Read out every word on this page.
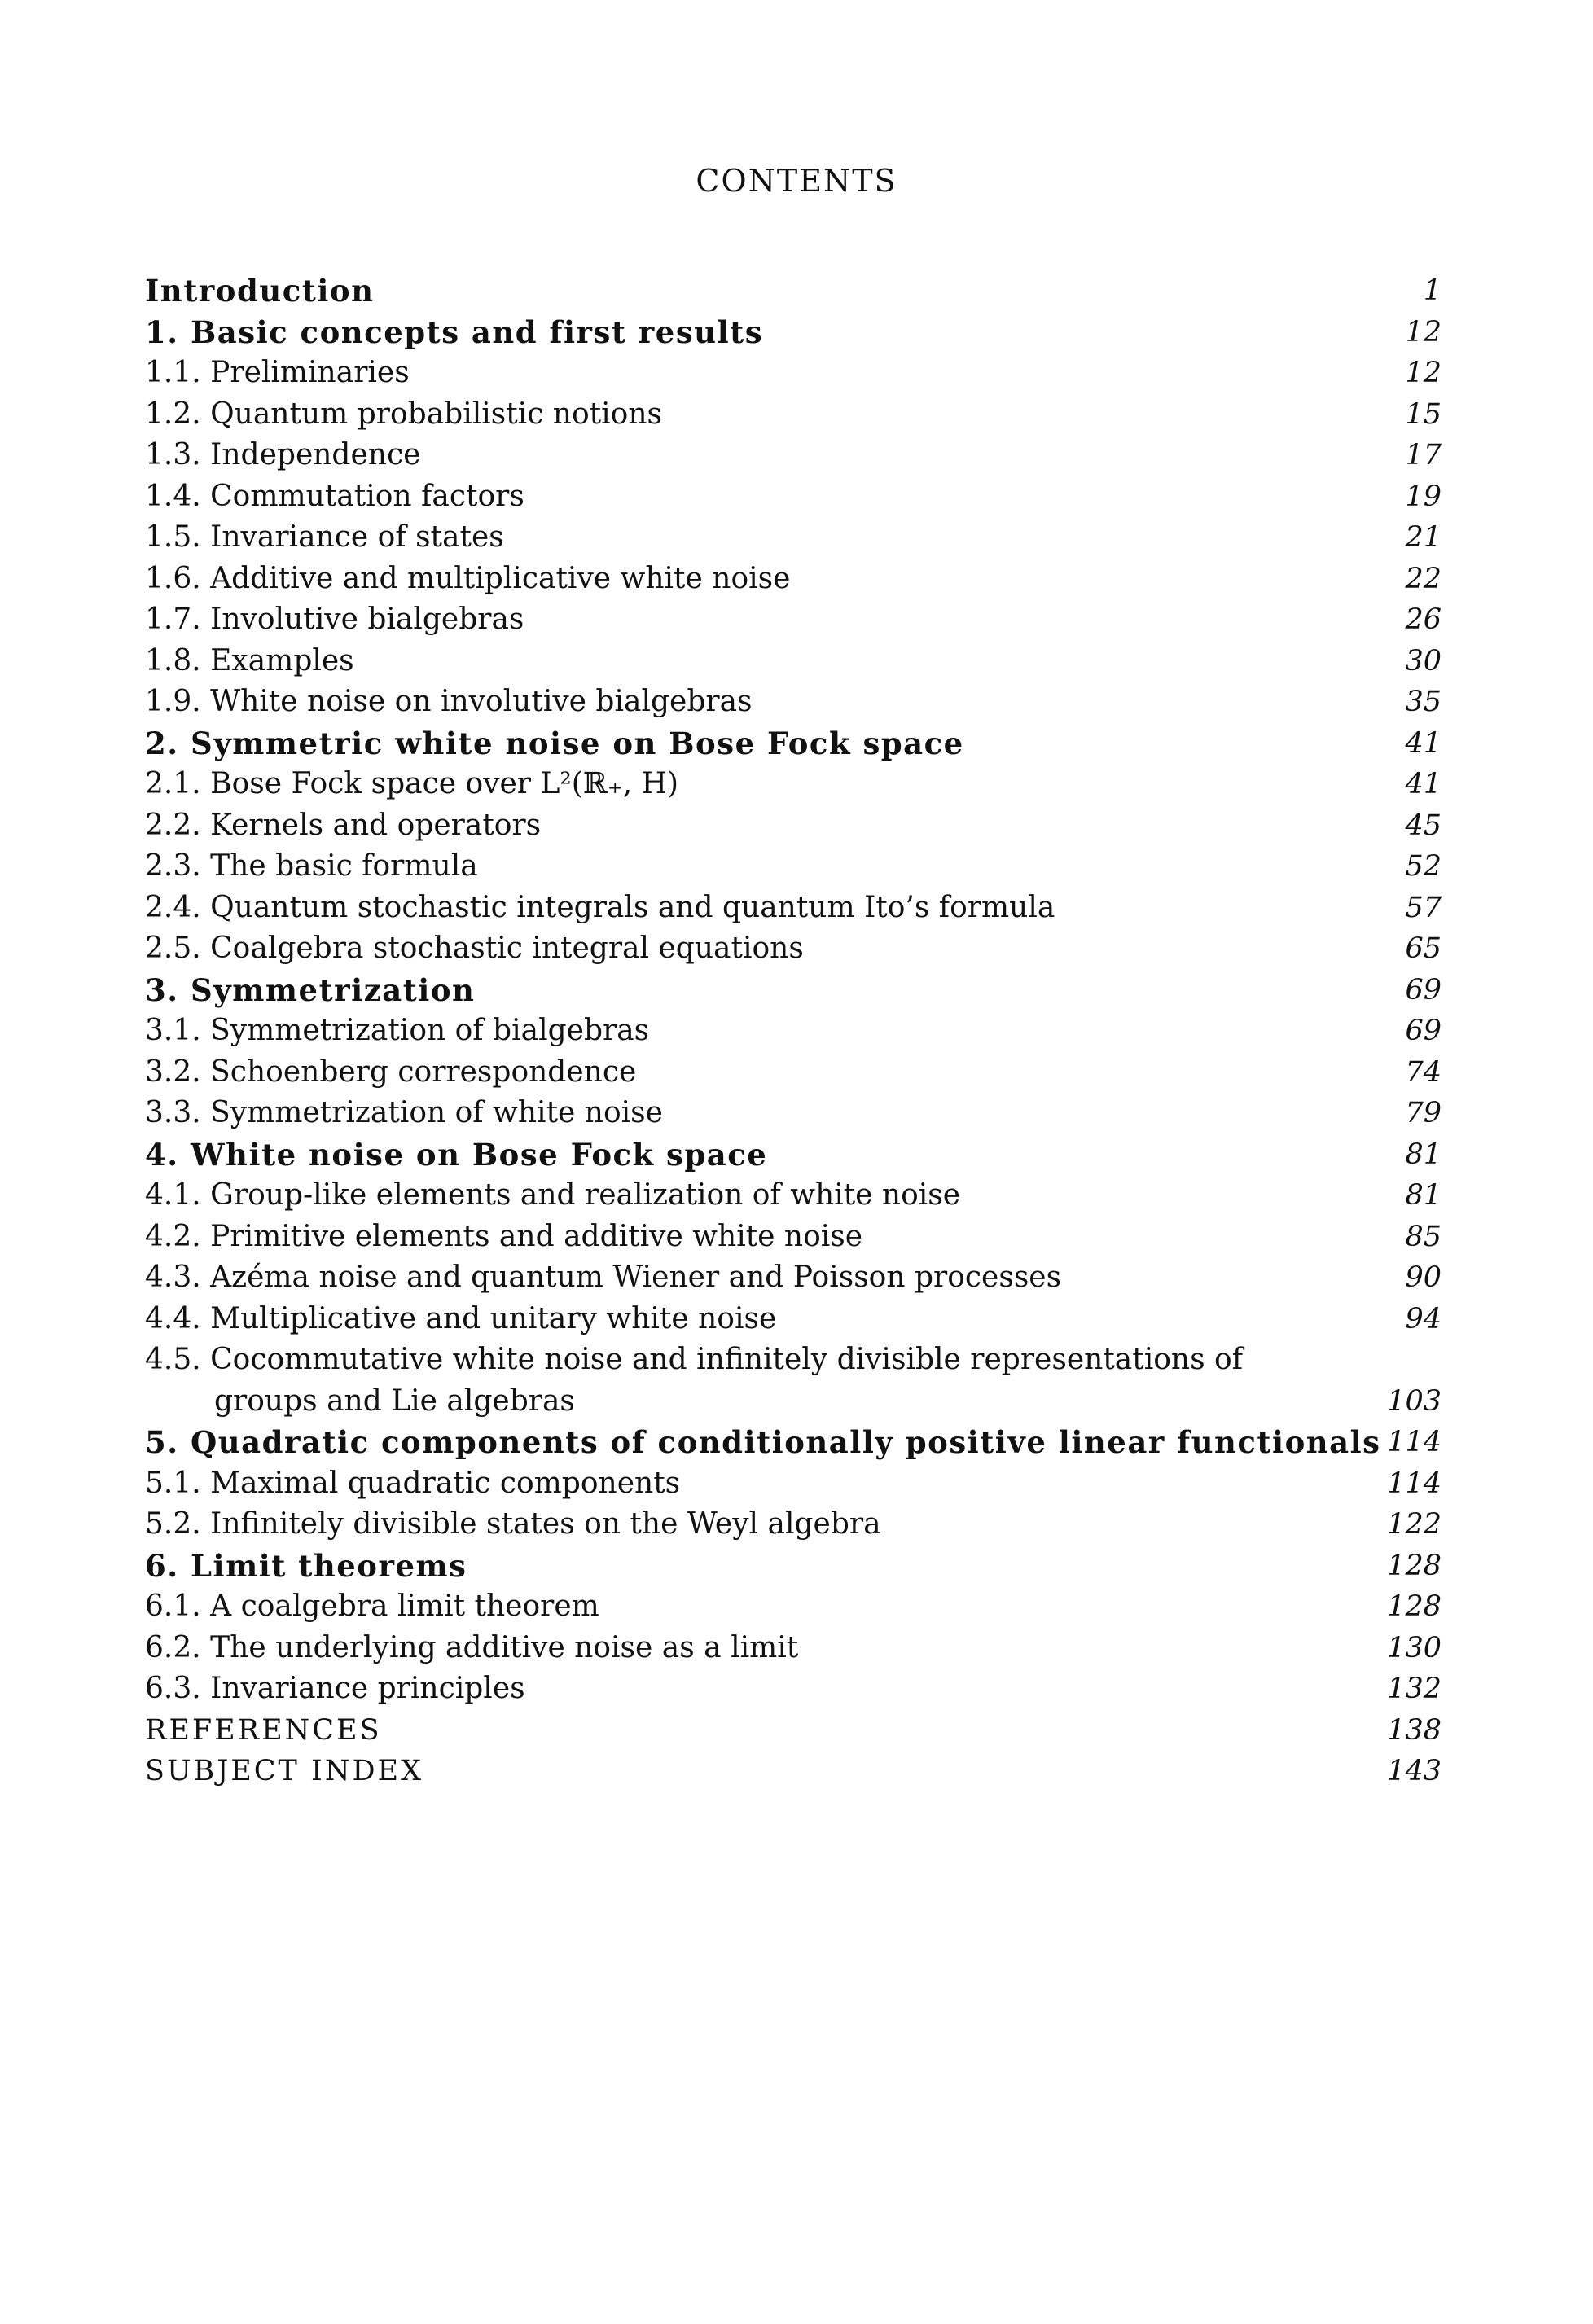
CONTENTS
Introduction	1
1. Basic concepts and first results	12
1.1. Preliminaries	12
1.2. Quantum probabilistic notions	15
1.3. Independence	17
1.4. Commutation factors	19
1.5. Invariance of states	21
1.6. Additive and multiplicative white noise	22
1.7. Involutive bialgebras	26
1.8. Examples	30
1.9. White noise on involutive bialgebras	35
2. Symmetric white noise on Bose Fock space	41
2.1. Bose Fock space over L²(ℝ₊, H)	41
2.2. Kernels and operators	45
2.3. The basic formula	52
2.4. Quantum stochastic integrals and quantum Ito’s formula	57
2.5. Coalgebra stochastic integral equations	65
3. Symmetrization	69
3.1. Symmetrization of bialgebras	69
3.2. Schoenberg correspondence	74
3.3. Symmetrization of white noise	79
4. White noise on Bose Fock space	81
4.1. Group-like elements and realization of white noise	81
4.2. Primitive elements and additive white noise	85
4.3. Azéma noise and quantum Wiener and Poisson processes	90
4.4. Multiplicative and unitary white noise	94
4.5. Cocommutative white noise and infinitely divisible representations of groups and Lie algebras	103
5. Quadratic components of conditionally positive linear functionals 114
5.1. Maximal quadratic components	114
5.2. Infinitely divisible states on the Weyl algebra	122
6. Limit theorems	128
6.1. A coalgebra limit theorem	128
6.2. The underlying additive noise as a limit	130
6.3. Invariance principles	132
REFERENCES	138
SUBJECT INDEX	143
